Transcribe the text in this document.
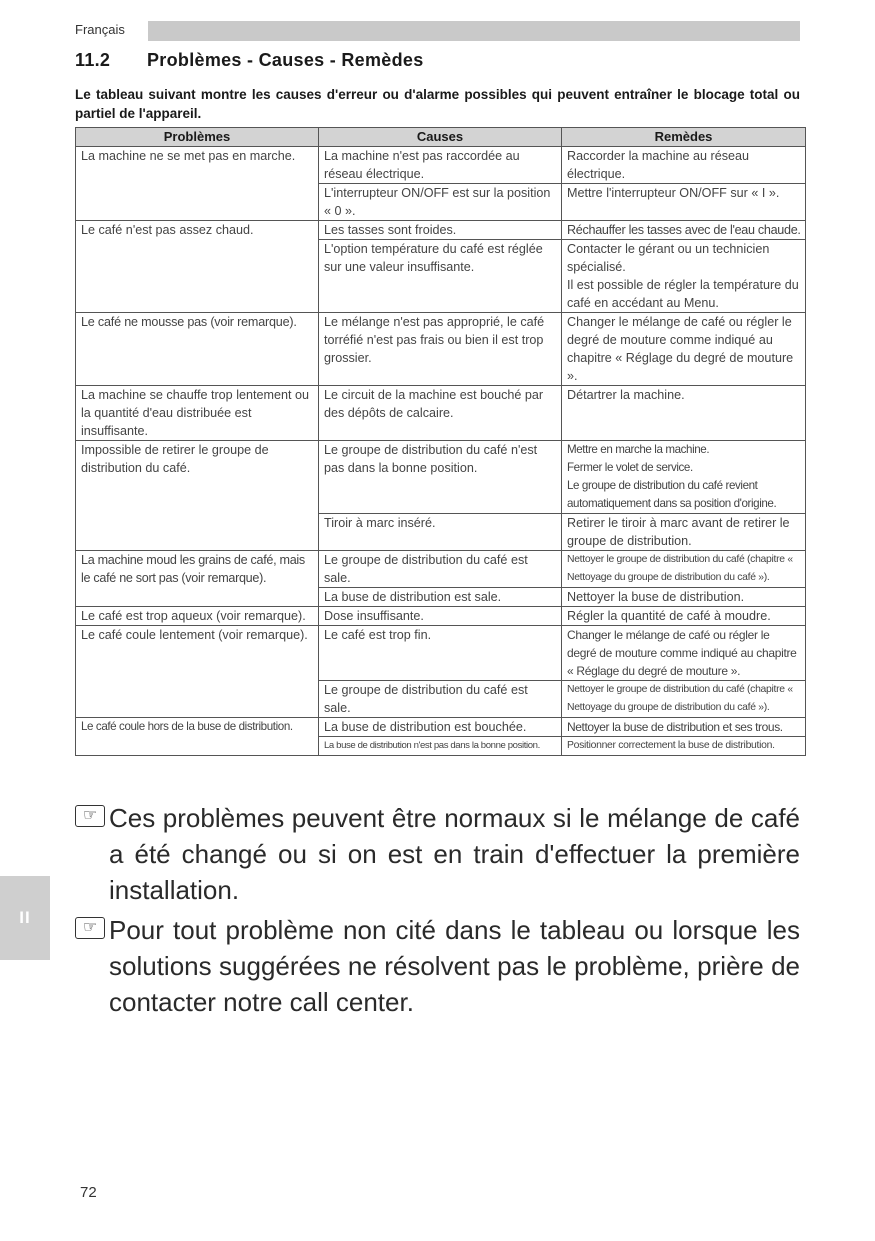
Français
11.2 Problèmes - Causes - Remèdes
Le tableau suivant montre les causes d'erreur ou d'alarme possibles qui peuvent entraîner le blocage total ou partiel de l'appareil.
Problèmes	Causes	Remèdes
La machine ne se met pas en marche.	La machine n'est pas raccordée au réseau électrique.	Raccorder la machine au réseau électrique.
	L'interrupteur ON/OFF est sur la position « 0 ».	Mettre l'interrupteur ON/OFF sur « I ».
Le café n'est pas assez chaud.	Les tasses sont froides.	Réchauffer les tasses avec de l'eau chaude.
	L'option température du café est réglée sur une valeur insuffisante.	Contacter le gérant ou un technicien spécialisé.
Il est possible de régler la température du café en accédant au Menu.
Le café ne mousse pas (voir remarque).	Le mélange n'est pas approprié, le café torréfié n'est pas frais ou bien il est trop grossier.	Changer le mélange de café ou régler le degré de mouture comme indiqué au chapitre « Réglage du degré de mouture ».
La machine se chauffe trop lentement ou la quantité d'eau distribuée est insuffisante.	Le circuit de la machine est bouché par des dépôts de calcaire.	Détartrer la machine.
Impossible de retirer le groupe de distribution du café.	Le groupe de distribution du café n'est pas dans la bonne position.	Mettre en marche la machine.
Fermer le volet de service.
Le groupe de distribution du café revient automatiquement dans sa position d'origine.
	Tiroir à marc inséré.	Retirer le tiroir à marc avant de retirer le groupe de distribution.
La machine moud les grains de café, mais le café ne sort pas (voir remarque).	Le groupe de distribution du café est sale.	Nettoyer le groupe de distribution du café (chapitre « Nettoyage du groupe de distribution du café »).
	La buse de distribution est sale.	Nettoyer la buse de distribution.
Le café est trop aqueux (voir remarque).	Dose insuffisante.	Régler la quantité de café à moudre.
Le café coule lentement (voir remarque).	Le café est trop fin.	Changer le mélange de café ou régler le degré de mouture comme indiqué au chapitre « Réglage du degré de mouture ».
	Le groupe de distribution du café est sale.	Nettoyer le groupe de distribution du café (chapitre « Nettoyage du groupe de distribution du café »).
Le café coule hors de la buse de distribution.	La buse de distribution est bouchée.	Nettoyer la buse de distribution et ses trous.
	La buse de distribution n'est pas dans la bonne position.	Positionner correctement la buse de distribution.
☞ Ces problèmes peuvent être normaux si le mélange de café a été changé ou si on est en train d'effectuer la première installation.
☞ Pour tout problème non cité dans le tableau ou lorsque les solutions suggérées ne résolvent pas le problème, prière de contacter notre call center.
II
72
